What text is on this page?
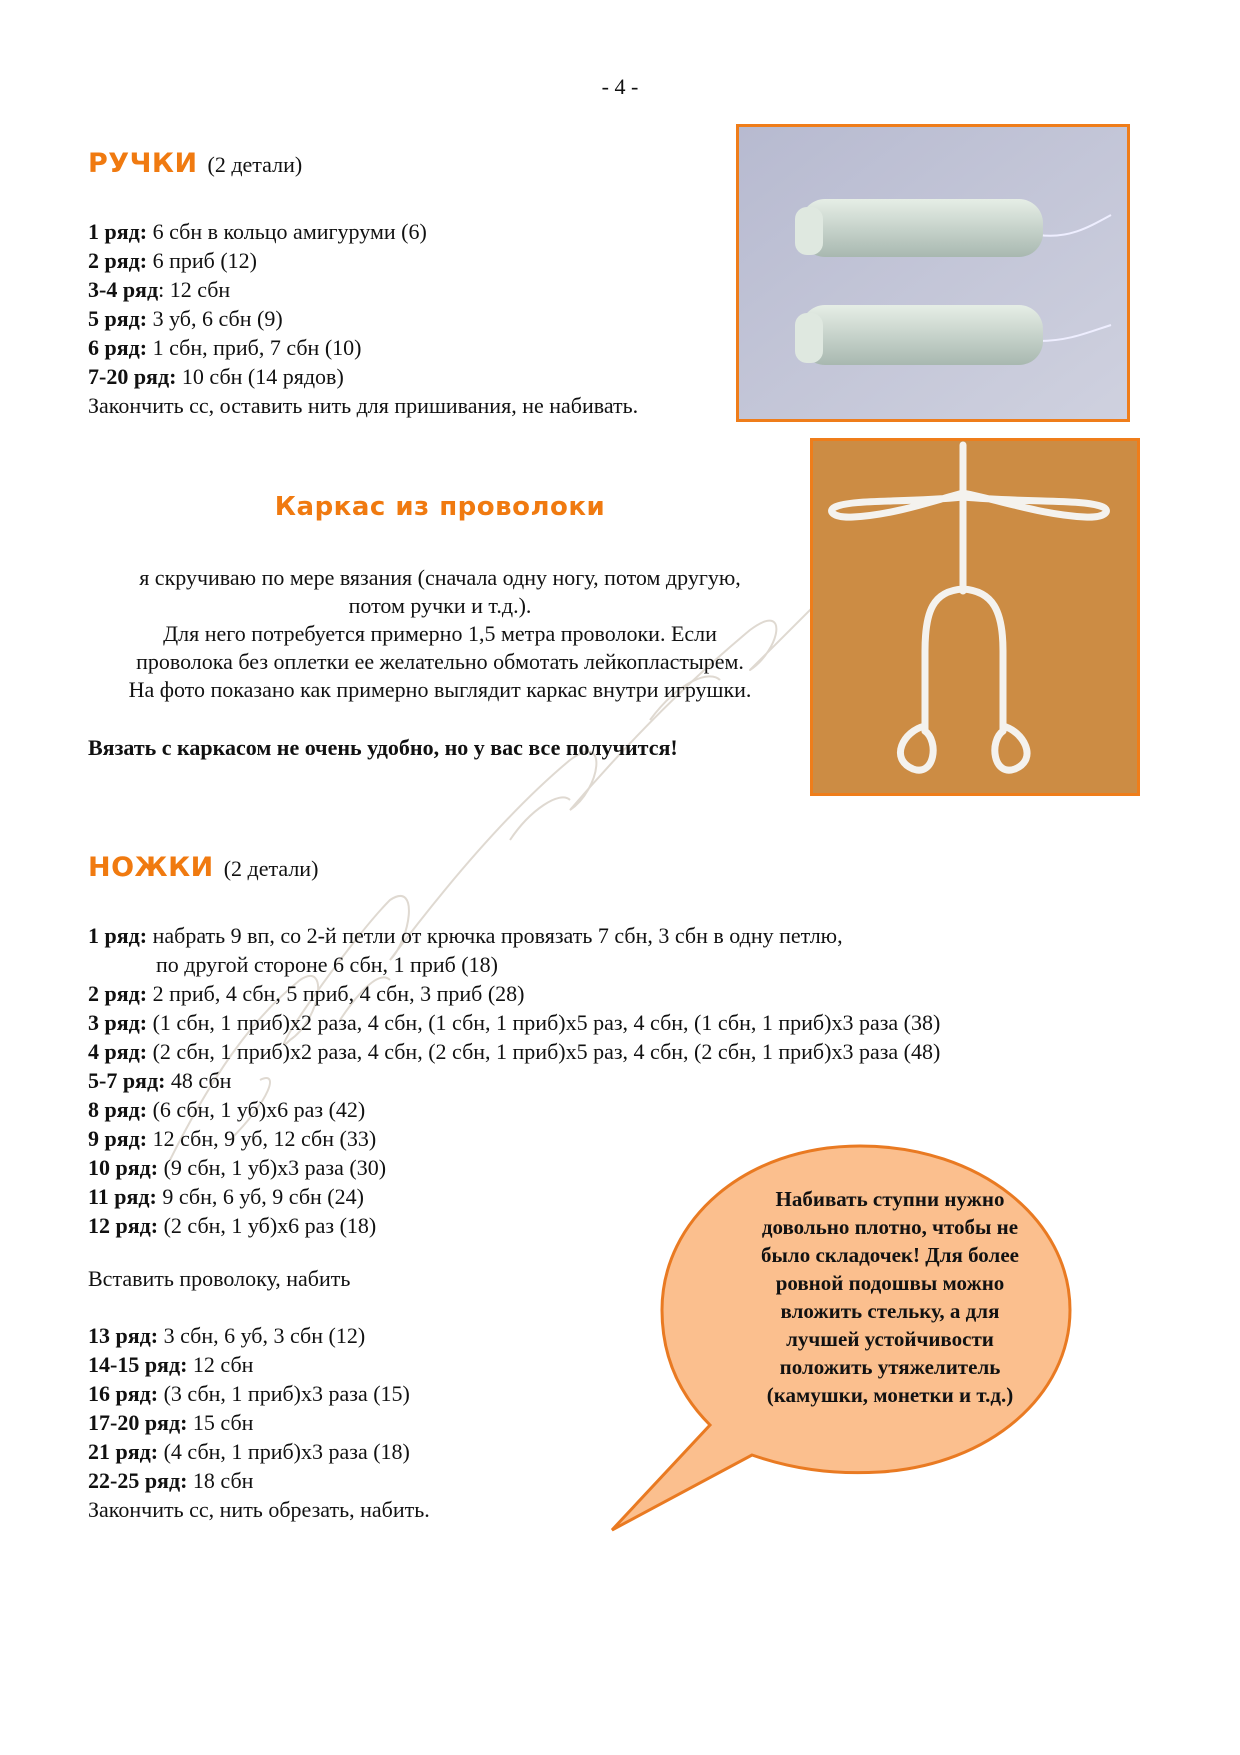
- 4 -
РУЧКИ (2 детали)
1 ряд: 6 сбн в кольцо амигуруми (6)
2 ряд: 6 приб (12)
3-4 ряд: 12 сбн
5 ряд: 3 уб, 6 сбн (9)
6 ряд: 1 сбн, приб, 7 сбн (10)
7-20 ряд: 10 сбн (14 рядов)
Закончить сс, оставить нить для пришивания, не набивать.
Каркас из проволоки
я скручиваю по мере вязания (сначала одну ногу, потом другую,
потом ручки и т.д.).
Для него потребуется примерно 1,5 метра проволоки. Если
проволока без оплетки ее желательно обмотать лейкопластырем.
На фото показано как примерно выглядит каркас внутри игрушки.
Вязать с каркасом не очень удобно, но у вас все получится!
НОЖКИ (2 детали)
1 ряд: набрать 9 вп, со 2-й петли от крючка провязать 7 сбн, 3 сбн в одну петлю,
по другой стороне 6 сбн, 1 приб (18)
2 ряд: 2 приб, 4 сбн, 5 приб, 4 сбн, 3 приб (28)
3 ряд: (1 сбн, 1 приб)х2 раза, 4 сбн, (1 сбн, 1 приб)х5 раз, 4 сбн, (1 сбн, 1 приб)х3 раза (38)
4 ряд: (2 сбн, 1 приб)х2 раза, 4 сбн, (2 сбн, 1 приб)х5 раз, 4 сбн, (2 сбн, 1 приб)х3 раза (48)
5-7 ряд: 48 сбн
8 ряд: (6 сбн, 1 уб)х6 раз (42)
9 ряд: 12 сбн, 9 уб, 12 сбн (33)
10 ряд: (9 сбн, 1 уб)х3 раза (30)
11 ряд: 9 сбн, 6 уб, 9 сбн (24)
12 ряд: (2 сбн, 1 уб)х6 раз (18)
Вставить проволоку, набить
13 ряд: 3 сбн, 6 уб, 3 сбн (12)
14-15 ряд: 12 сбн
16 ряд: (3 сбн, 1 приб)х3 раза (15)
17-20 ряд: 15 сбн
21 ряд: (4 сбн, 1 приб)х3 раза (18)
22-25 ряд: 18 сбн
Закончить сс, нить обрезать, набить.
Набивать ступни нужно
довольно плотно, чтобы не
было складочек! Для более
ровной подошвы можно
вложить стельку, а для
лучшей устойчивости
положить утяжелитель
(камушки, монетки и т.д.)
